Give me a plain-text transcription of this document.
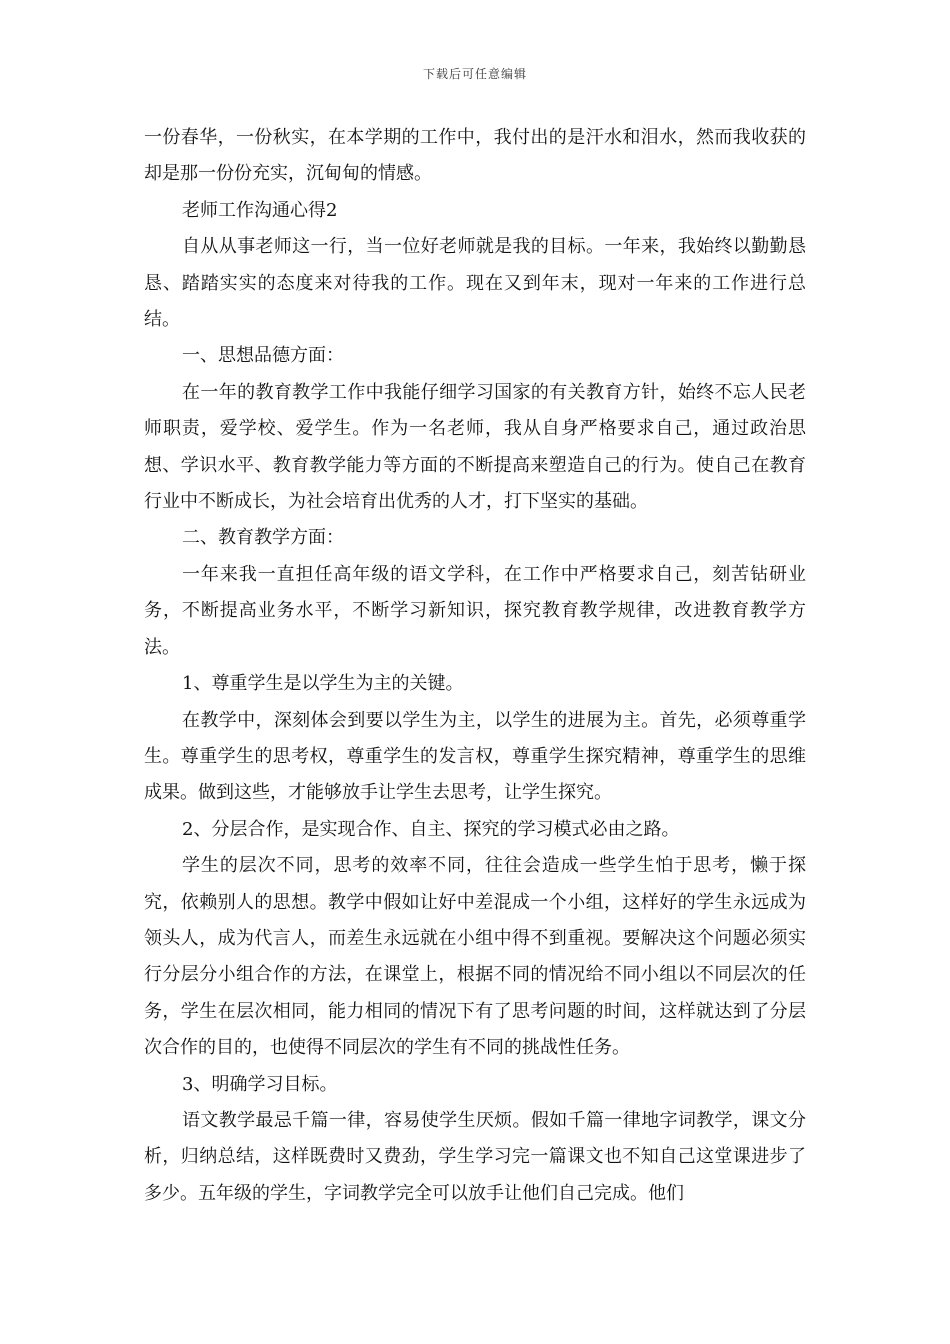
下载后可任意编辑

一份春华，一份秋实，在本学期的工作中，我付出的是汗水和泪水，然而我收获的却是那一份份充实，沉甸甸的情感。

老师工作沟通心得2

自从从事老师这一行，当一位好老师就是我的目标。一年来，我始终以勤勤恳恳、踏踏实实的态度来对待我的工作。现在又到年末，现对一年来的工作进行总结。

一、思想品德方面：

在一年的教育教学工作中我能仔细学习国家的有关教育方针，始终不忘人民老师职责，爱学校、爱学生。作为一名老师，我从自身严格要求自己，通过政治思想、学识水平、教育教学能力等方面的不断提高来塑造自己的行为。使自己在教育行业中不断成长，为社会培育出优秀的人才，打下坚实的基础。

二、教育教学方面：

一年来我一直担任高年级的语文学科，在工作中严格要求自己，刻苦钻研业务，不断提高业务水平，不断学习新知识，探究教育教学规律，改进教育教学方法。

1、尊重学生是以学生为主的关键。

在教学中，深刻体会到要以学生为主，以学生的进展为主。首先，必须尊重学生。尊重学生的思考权，尊重学生的发言权，尊重学生探究精神，尊重学生的思维成果。做到这些，才能够放手让学生去思考，让学生探究。

2、分层合作，是实现合作、自主、探究的学习模式必由之路。

学生的层次不同，思考的效率不同，往往会造成一些学生怕于思考，懒于探究，依赖别人的思想。教学中假如让好中差混成一个小组，这样好的学生永远成为领头人，成为代言人，而差生永远就在小组中得不到重视。要解决这个问题必须实行分层分小组合作的方法，在课堂上，根据不同的情况给不同小组以不同层次的任务，学生在层次相同，能力相同的情况下有了思考问题的时间，这样就达到了分层次合作的目的，也使得不同层次的学生有不同的挑战性任务。

3、明确学习目标。

语文教学最忌千篇一律，容易使学生厌烦。假如千篇一律地字词教学，课文分析，归纳总结，这样既费时又费劲，学生学习完一篇课文也不知自己这堂课进步了多少。五年级的学生，字词教学完全可以放手让他们自己完成。他们
